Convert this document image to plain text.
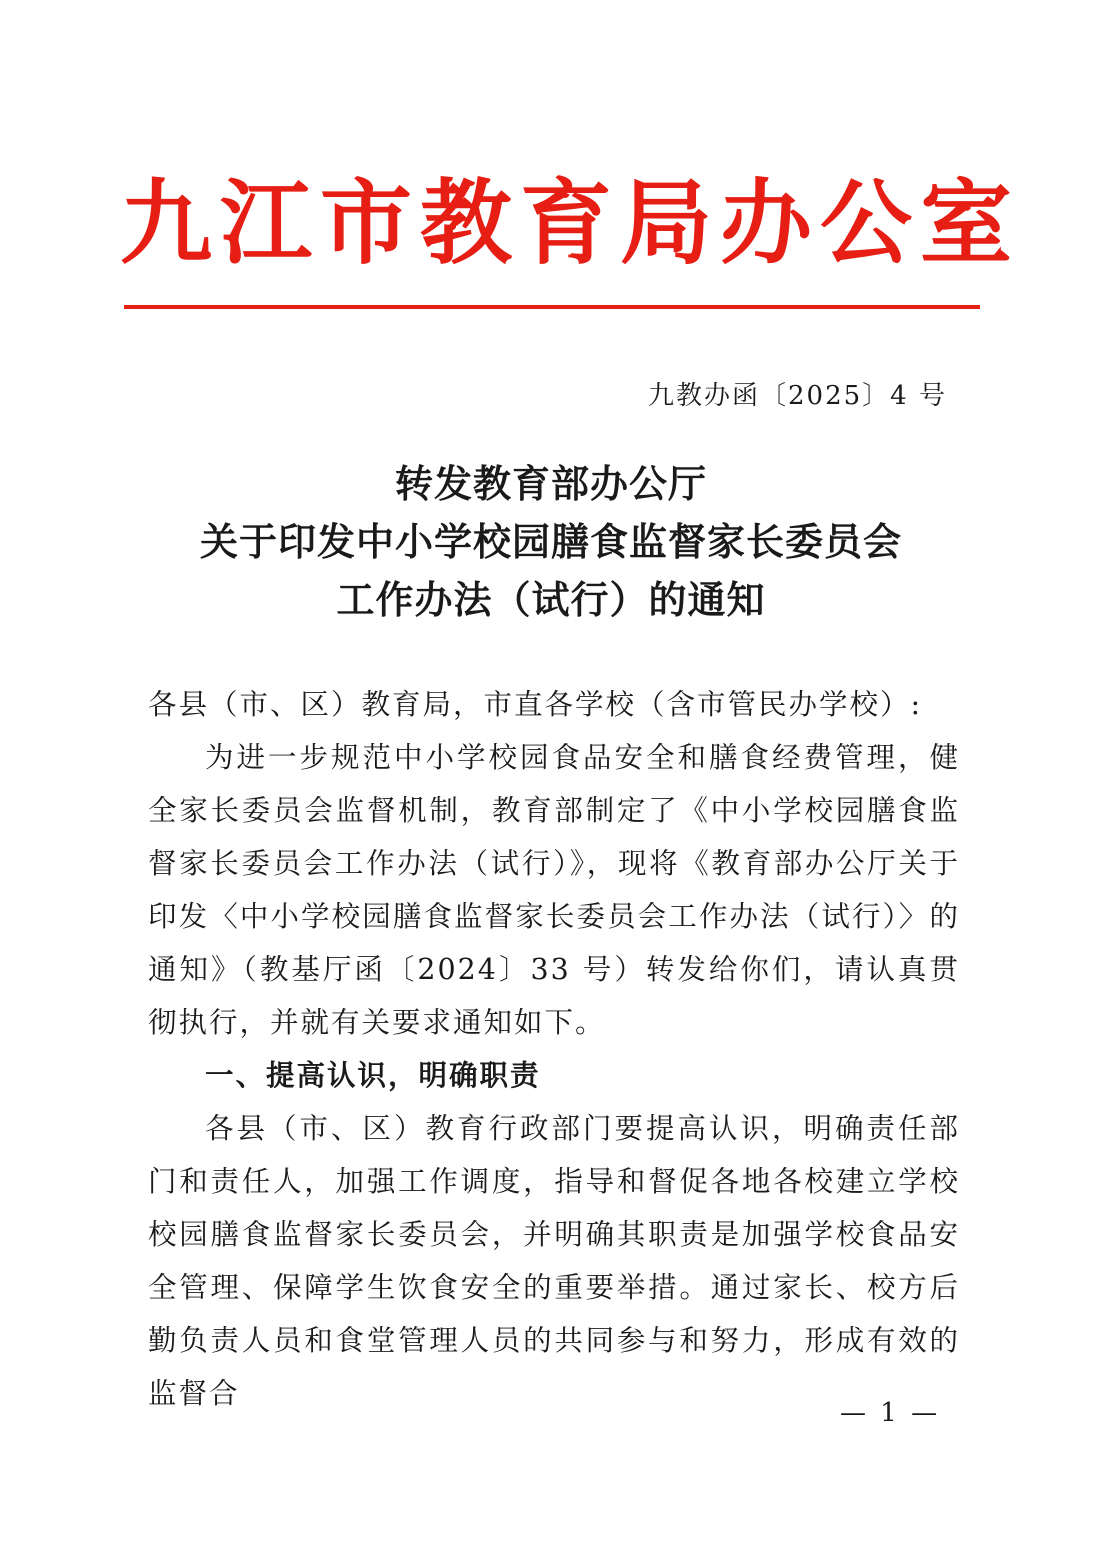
九江市教育局办公室
九教办函〔2025〕4 号
转发教育部办公厅
关于印发中小学校园膳食监督家长委员会
工作办法（试行）的通知

各县（市、区）教育局，市直各学校（含市管民办学校）:

为进一步规范中小学校园食品安全和膳食经费管理，健全家长委员会监督机制，教育部制定了《中小学校园膳食监督家长委员会工作办法（试行）》，现将《教育部办公厅关于印发〈中小学校园膳食监督家长委员会工作办法（试行）〉的通知》（教基厅函〔2024〕33 号）转发给你们，请认真贯彻执行，并就有关要求通知如下。

一、提高认识，明确职责

各县（市、区）教育行政部门要提高认识，明确责任部门和责任人，加强工作调度，指导和督促各地各校建立学校校园膳食监督家长委员会，并明确其职责是加强学校食品安全管理、保障学生饮食安全的重要举措。通过家长、校方后勤负责人员和食堂管理人员的共同参与和努力，形成有效的监督合

— 1 —
